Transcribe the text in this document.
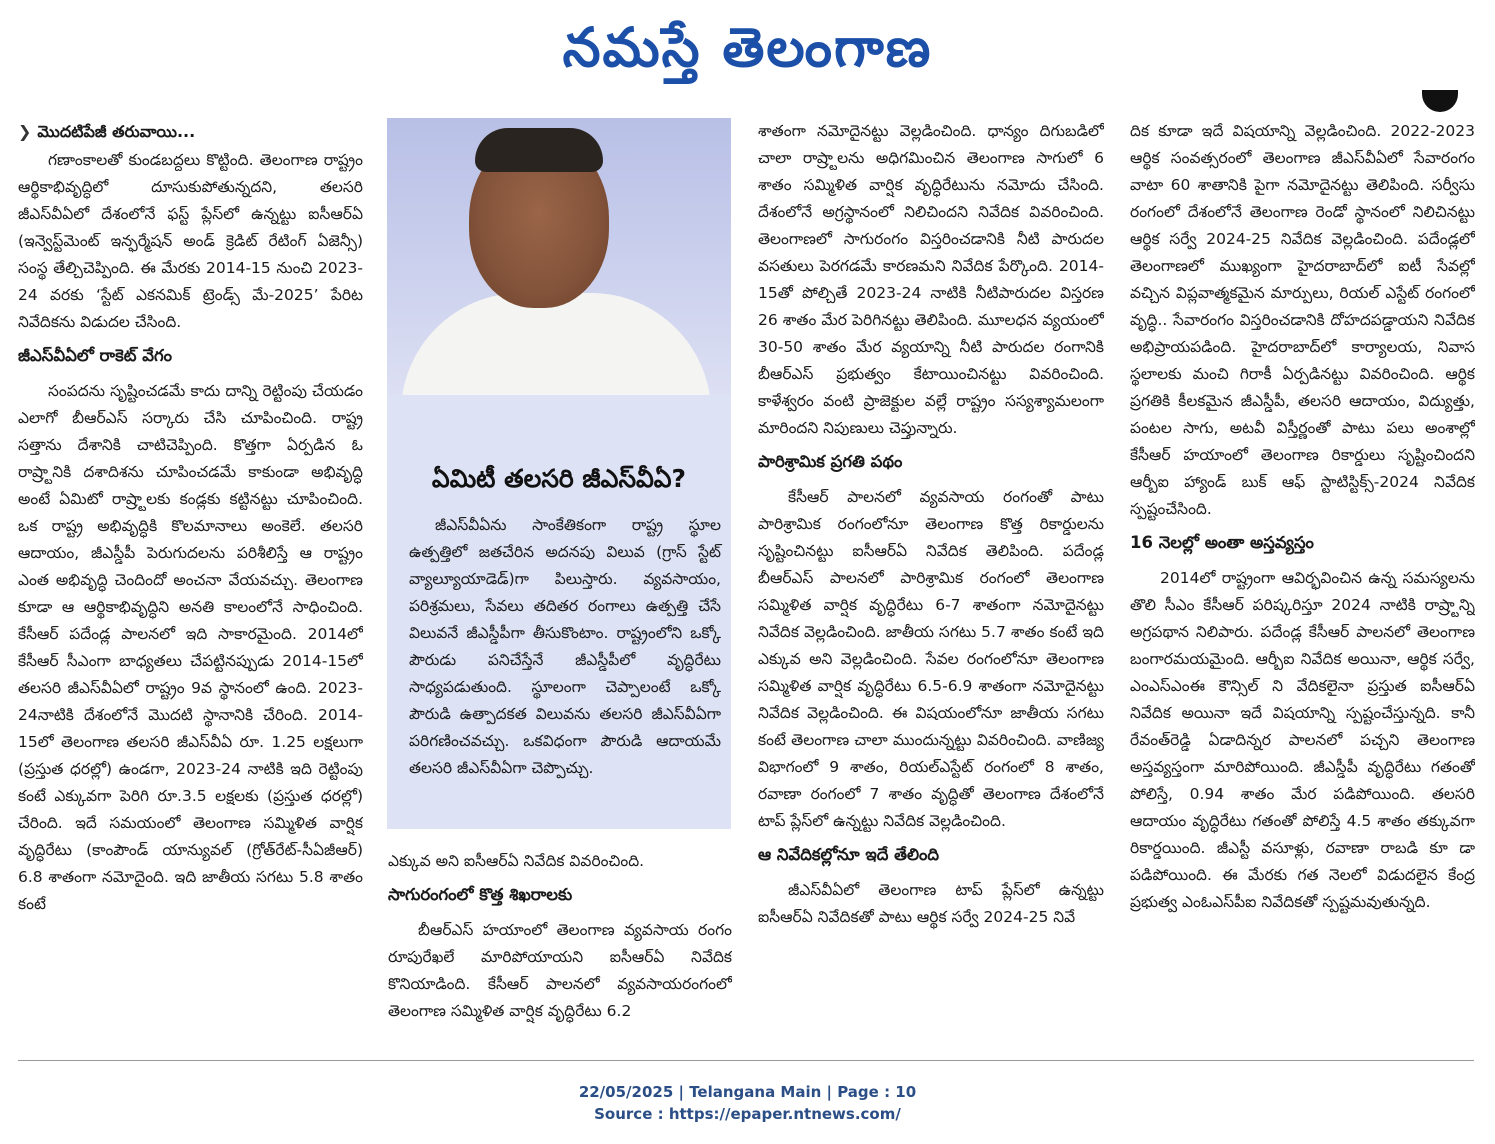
నమస్తే తెలంగాణ
❯ మొదటిపేజీ తరువాయి...

గణాంకాలతో కుండబద్దలు కొట్టింది. తెలంగాణ రాష్ట్రం ఆర్థికాభివృద్ధిలో దూసుకుపోతున్నదని, తలసరి జీఎస్‌వీఏలో దేశంలోనే ఫస్ట్ ప్లేస్‌లో ఉన్నట్టు ఐసీఆర్‌ఏ (ఇన్వెస్ట్‌మెంట్ ఇన్ఫర్మేషన్ అండ్ క్రెడిట్ రేటింగ్ ఏజెన్సీ) సంస్థ తేల్చిచెప్పింది. ఈ మేరకు 2014-15 నుంచి 2023-24 వరకు ‘స్టేట్ ఎకనమిక్ ట్రెండ్స్ మే-2025’ పేరిట నివేదికను విడుదల చేసింది.

జీఎస్‌వీఏలో రాకెట్ వేగం

సంపదను సృష్టించడమే కాదు దాన్ని రెట్టింపు చేయడం ఎలాగో బీఆర్‌ఎస్ సర్కారు చేసి చూపించింది. రాష్ట్ర సత్తాను దేశానికి చాటిచెప్పింది. కొత్తగా ఏర్పడిన ఓ రాష్ర్టానికి దశాదిశను చూపించడమే కాకుండా అభివృద్ధి అంటే ఏమిటో రాష్ర్టాలకు కండ్లకు కట్టినట్టు చూపించింది. ఒక రాష్ట్ర అభివృద్ధికి కొలమానాలు అంకెలే. తలసరి ఆదాయం, జీఎస్డీపీ పెరుగుదలను పరిశీలిస్తే ఆ రాష్ట్రం ఎంత అభివృద్ధి చెందిందో అంచనా వేయవచ్చు. తెలంగాణ కూడా ఆ ఆర్థికాభివృద్ధిని అనతి కాలంలోనే సాధించింది. కేసీఆర్ పదేండ్ల పాలనలో ఇది సాకారమైంది. 2014లో కేసీఆర్ సీఎంగా బాధ్యతలు చేపట్టినప్పుడు 2014-15లో తలసరి జీఎస్‌వీఏలో రాష్ట్రం 9వ స్థానంలో ఉంది. 2023-24నాటికి దేశంలోనే మొదటి స్థానానికి చేరింది. 2014-15లో తెలంగాణ తలసరి జీఎస్‌వీఏ రూ. 1.25 లక్షలుగా (ప్రస్తుత ధరల్లో) ఉండగా, 2023-24 నాటికి ఇది రెట్టింపు కంటే ఎక్కువగా పెరిగి రూ.3.5 లక్షలకు (ప్రస్తుత ధరల్లో) చేరింది. ఇదే సమయంలో తెలంగాణ సమ్మిళిత వార్షిక వృద్ధిరేటు (కాంపౌండ్ యాన్యువల్ (గ్రోత్‌రేట్-సీఏజీఆర్) 6.8 శాతంగా నమోదైంది. ఇది జాతీయ సగటు 5.8 శాతం కంటే

ఏమిటీ తలసరి జీఎస్‌వీఏ?

జీఎస్‌వీఏను సాంకేతికంగా రాష్ట్ర స్థూల ఉత్పత్తిలో జతచేరిన అదనపు విలువ (గ్రాస్ స్టేట్ వ్యాల్యూయాడెడ్)గా పిలుస్తారు. వ్యవసాయం, పరిశ్రమలు, సేవలు తదితర రంగాలు ఉత్పత్తి చేసే విలువనే జీఎస్డీపీగా తీసుకొంటాం. రాష్ట్రంలోని ఒక్కో పౌరుడు పనిచేస్తేనే జీఎస్డీపీలో వృద్ధిరేటు సాధ్యపడుతుంది. స్థూలంగా చెప్పాలంటే ఒక్కో పౌరుడి ఉత్పాదకత విలువను తలసరి జీఎస్‌వీఏగా పరిగణించవచ్చు. ఒకవిధంగా పౌరుడి ఆదాయమే తలసరి జీఎస్‌వీఏగా చెప్పొచ్చు.

ఎక్కువ అని ఐసీఆర్‌ఏ నివేదిక వివరించింది.

సాగురంగంలో కొత్త శిఖరాలకు

బీఆర్‌ఎస్ హయాంలో తెలంగాణ వ్యవసాయ రంగం రూపురేఖలే మారిపోయాయని ఐసీఆర్‌ఏ నివేదిక కొనియాడింది. కేసీఆర్ పాలనలో వ్యవసాయరంగంలో తెలంగాణ సమ్మిళిత వార్షిక వృద్ధిరేటు 6.2

శాతంగా నమోదైనట్టు వెల్లడించింది. ధాన్యం దిగుబడిలో చాలా రాష్ర్టాలను అధిగమించిన తెలంగాణ సాగులో 6 శాతం సమ్మిళిత వార్షిక వృద్ధిరేటును నమోదు చేసింది. దేశంలోనే అగ్రస్థానంలో నిలిచిందని నివేదిక వివరించింది. తెలంగాణలో సాగురంగం విస్తరించడానికి నీటి పారుదల వసతులు పెరగడమే కారణమని నివేదిక పేర్కొంది. 2014-15తో పోల్చితే 2023-24 నాటికి నీటిపారుదల విస్తరణ 26 శాతం మేర పెరిగినట్టు తెలిపింది. మూలధన వ్యయంలో 30-50 శాతం మేర వ్యయాన్ని నీటి పారుదల రంగానికి బీఆర్‌ఎస్ ప్రభుత్వం కేటాయించినట్టు వివరించింది. కాళేశ్వరం వంటి ప్రాజెక్టుల వల్లే రాష్ట్రం సస్యశ్యామలంగా మారిందని నిపుణులు చెప్తున్నారు.

పారిశ్రామిక ప్రగతి పథం

కేసీఆర్ పాలనలో వ్యవసాయ రంగంతో పాటు పారిశ్రామిక రంగంలోనూ తెలంగాణ కొత్త రికార్డులను సృష్టించినట్టు ఐసీఆర్‌ఏ నివేదిక తెలిపింది. పదేండ్ల బీఆర్‌ఎస్ పాలనలో పారిశ్రామిక రంగంలో తెలంగాణ సమ్మిళిత వార్షిక వృద్ధిరేటు 6-7 శాతంగా నమోదైనట్టు నివేదిక వెల్లడించింది. జాతీయ సగటు 5.7 శాతం కంటే ఇది ఎక్కువ అని వెల్లడించింది. సేవల రంగంలోనూ తెలంగాణ సమ్మిళిత వార్షిక వృద్ధిరేటు 6.5-6.9 శాతంగా నమోదైనట్టు నివేదిక వెల్లడించింది. ఈ విషయంలోనూ జాతీయ సగటు కంటే తెలంగాణ చాలా ముందున్నట్టు వివరించింది. వాణిజ్య విభాగంలో 9 శాతం, రియల్‌ఎస్టేట్ రంగంలో 8 శాతం, రవాణా రంగంలో 7 శాతం వృద్ధితో తెలంగాణ దేశంలోనే టాప్ ప్లేస్‌లో ఉన్నట్టు నివేదిక వెల్లడించింది.

ఆ నివేదికల్లోనూ ఇదే తేలింది

జీఎస్‌వీఏలో తెలంగాణ టాప్ ప్లేస్‌లో ఉన్నట్టు ఐసీఆర్‌ఏ నివేదికతో పాటు ఆర్థిక సర్వే 2024-25 నివే

దిక కూడా ఇదే విషయాన్ని వెల్లడించింది. 2022-2023 ఆర్థిక సంవత్సరంలో తెలంగాణ జీఎస్‌వీఏలో సేవారంగం వాటా 60 శాతానికి పైగా నమోదైనట్టు తెలిపింది. సర్వీసు రంగంలో దేశంలోనే తెలంగాణ రెండో స్థానంలో నిలిచినట్టు ఆర్థిక సర్వే 2024-25 నివేదిక వెల్లడించింది. పదేండ్లలో తెలంగాణలో ముఖ్యంగా హైదరాబాద్‌లో ఐటీ సేవల్లో వచ్చిన విప్లవాత్మకమైన మార్పులు, రియల్ ఎస్టేట్ రంగంలో వృద్ధి.. సేవారంగం విస్తరించడానికి దోహదపడ్డాయని నివేదిక అభిప్రాయపడింది. హైదరాబాద్‌లో కార్యాలయ, నివాస స్థలాలకు మంచి గిరాకీ ఏర్పడినట్టు వివరించింది. ఆర్థిక ప్రగతికి కీలకమైన జీఎస్డీపీ, తలసరి ఆదాయం, విద్యుత్తు, పంటల సాగు, అటవీ విస్తీర్ణంతో పాటు పలు అంశాల్లో కేసీఆర్ హయాంలో తెలంగాణ రికార్డులు సృష్టించిందని ఆర్బీఐ హ్యాండ్ బుక్ ఆఫ్ స్టాటిస్టిక్స్-2024 నివేదిక స్పష్టంచేసింది.

16 నెలల్లో అంతా అస్తవ్యస్తం

2014లో రాష్ట్రంగా ఆవిర్భవించిన ఉన్న సమస్యలను తొలి సీఎం కేసీఆర్ పరిష్కరిస్తూ 2024 నాటికి రాష్ర్టాన్ని అగ్రపథాన నిలిపారు. పదేండ్ల కేసీఆర్ పాలనలో తెలంగాణ బంగారమయమైంది. ఆర్బీఐ నివేదిక అయినా, ఆర్థిక సర్వే, ఎంఎస్‌ఎంఈ కౌన్సిల్ ని వేదికలైనా ప్రస్తుత ఐసీఆర్‌ఏ నివేదిక అయినా ఇదే విషయాన్ని స్పష్టంచేస్తున్నది. కానీ రేవంత్‌రెడ్డి ఏడాదిన్నర పాలనలో పచ్చని తెలంగాణ అస్తవ్యస్తంగా మారిపోయింది. జీఎస్డీపీ వృద్ధిరేటు గతంతో పోలిస్తే, 0.94 శాతం మేర పడిపోయింది. తలసరి ఆదాయం వృద్ధిరేటు గతంతో పోలిస్తే 4.5 శాతం తక్కువగా రికార్డయింది. జీఎస్టీ వసూళ్లు, రవాణా రాబడి కూ డా పడిపోయింది. ఈ మేరకు గత నెలలో విడుదలైన కేంద్ర ప్రభుత్వ ఎంఓఎస్‌పీఐ నివేదికతో స్పష్టమవుతున్నది.

22/05/2025 | Telangana Main | Page : 10
Source : https://epaper.ntnews.com/
